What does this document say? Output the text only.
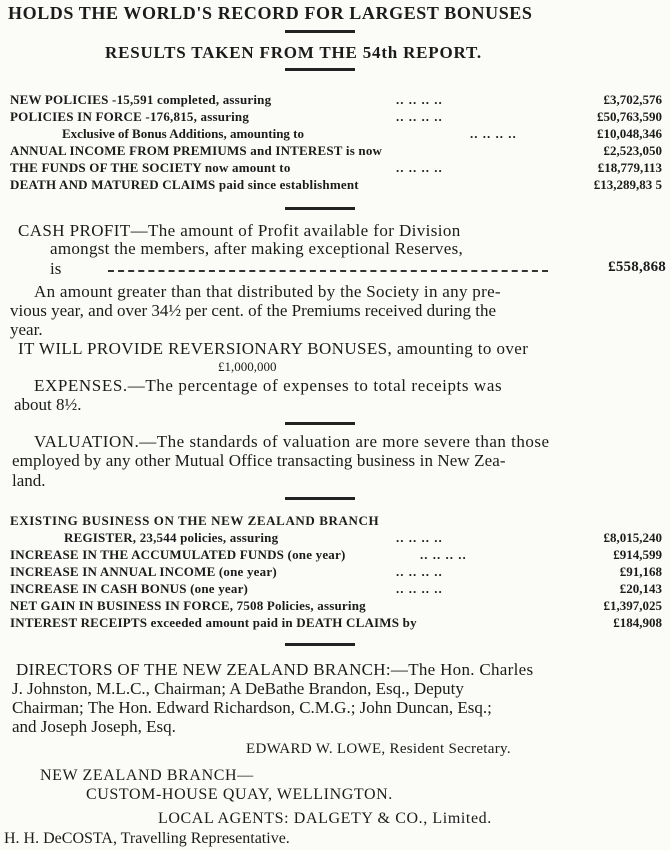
HOLDS THE WORLD'S RECORD FOR LARGEST BONUSES
RESULTS TAKEN FROM THE 54th REPORT.
NEW POLICIES -15,591 completed, assuring	.. .. .. ..	£3,702,576
POLICIES IN FORCE -176,815, assuring	.. .. .. ..	£50,763,590
Exclusive of Bonus Additions, amounting to	.. .. .. ..	£10,048,346
ANNUAL INCOME FROM PREMIUMS and INTEREST is now	£2,523,050
THE FUNDS OF THE SOCIETY now amount to	.. .. .. ..	£18,779,113
DEATH AND MATURED CLAIMS paid since establishment	£13,289,83 5
CASH PROFIT—The amount of Profit available for Division
amongst the members, after making exceptional Reserves,
is	£558,868
An amount greater than that distributed by the Society in any pre-
vious year, and over 34½ per cent. of the Premiums received during the
year.
IT WILL PROVIDE REVERSIONARY BONUSES, amounting to over
£1,000,000
EXPENSES.—The percentage of expenses to total receipts was
about 8½.
VALUATION.—The standards of valuation are more severe than those
employed by any other Mutual Office transacting business in New Zea-
land.
EXISTING BUSINESS ON THE NEW ZEALAND BRANCH
REGISTER, 23,544 policies, assuring	.. .. .. ..	£8,015,240
INCREASE IN THE ACCUMULATED FUNDS (one year)	.. .. .. ..	£914,599
INCREASE IN ANNUAL INCOME (one year)	.. .. .. ..	£91,168
INCREASE IN CASH BONUS (one year)	.. .. .. ..	£20,143
NET GAIN IN BUSINESS IN FORCE, 7508 Policies, assuring	£1,397,025
INTEREST RECEIPTS exceeded amount paid in DEATH CLAIMS by	£184,908
DIRECTORS OF THE NEW ZEALAND BRANCH:—The Hon. Charles
J. Johnston, M.L.C., Chairman; A DeBathe Brandon, Esq., Deputy
Chairman; The Hon. Edward Richardson, C.M.G.; John Duncan, Esq.;
and Joseph Joseph, Esq.
EDWARD W. LOWE, Resident Secretary.
NEW ZEALAND BRANCH—
CUSTOM-HOUSE QUAY, WELLINGTON.
LOCAL AGENTS: DALGETY & CO., Limited.
H. H. DeCOSTA, Travelling Representative.
